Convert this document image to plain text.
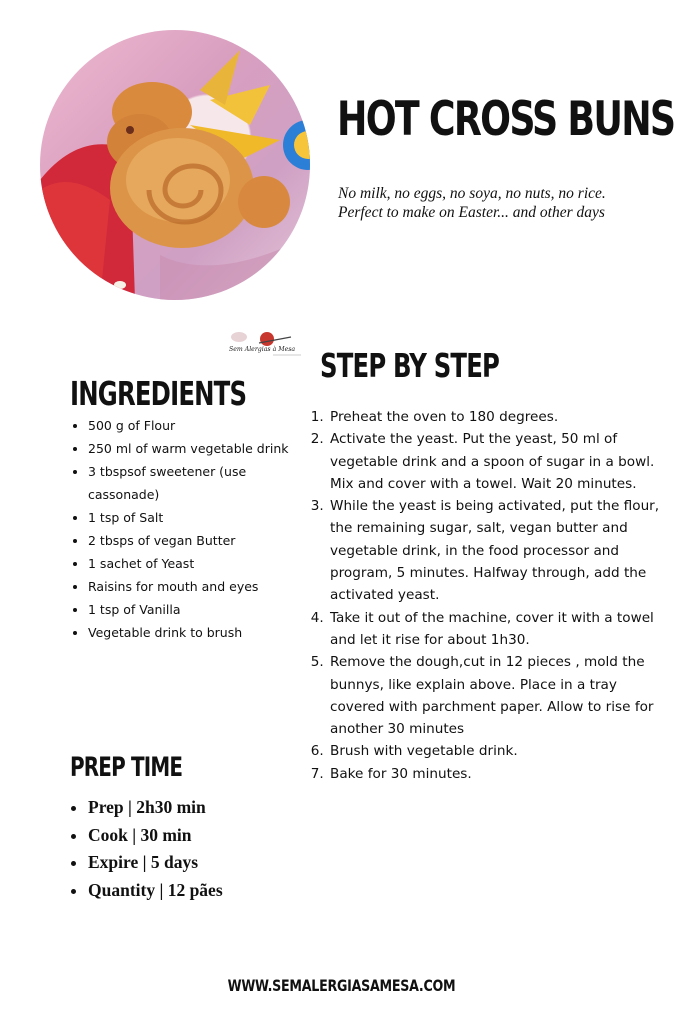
HOT CROSS BUNS
No milk, no eggs, no soya, no nuts, no rice.
Perfect to make on Easter... and other days
Sem Alergias à Mesa STEP BY STEP
INGREDIENTS
• 500 g of Flour
• 250 ml of warm vegetable drink
• 3 tbspsof sweetener (use cassonade)
• 1 tsp of Salt
• 2 tbsps of vegan Butter
• 1 sachet of Yeast
• Raisins for mouth and eyes
• 1 tsp of Vanilla
• Vegetable drink to brush
1. Preheat the oven to 180 degrees.
2. Activate the yeast. Put the yeast, 50 ml of vegetable drink and a spoon of sugar in a bowl. Mix and cover with a towel. Wait 20 minutes.
3. While the yeast is being activated, put the flour, the remaining sugar, salt, vegan butter and vegetable drink, in the food processor and program, 5 minutes. Halfway through, add the activated yeast.
4. Take it out of the machine, cover it with a towel and let it rise for about 1h30.
5. Remove the dough,cut in 12 pieces , mold the bunnys, like explain above. Place in a tray covered with parchment paper. Allow to rise for another 30 minutes
6. Brush with vegetable drink.
7. Bake for 30 minutes.
PREP TIME
• Prep | 2h30 min
• Cook | 30 min
• Expire | 5 days
• Quantity | 12 pães
WWW.SEMALERGIASAMESA.COM
